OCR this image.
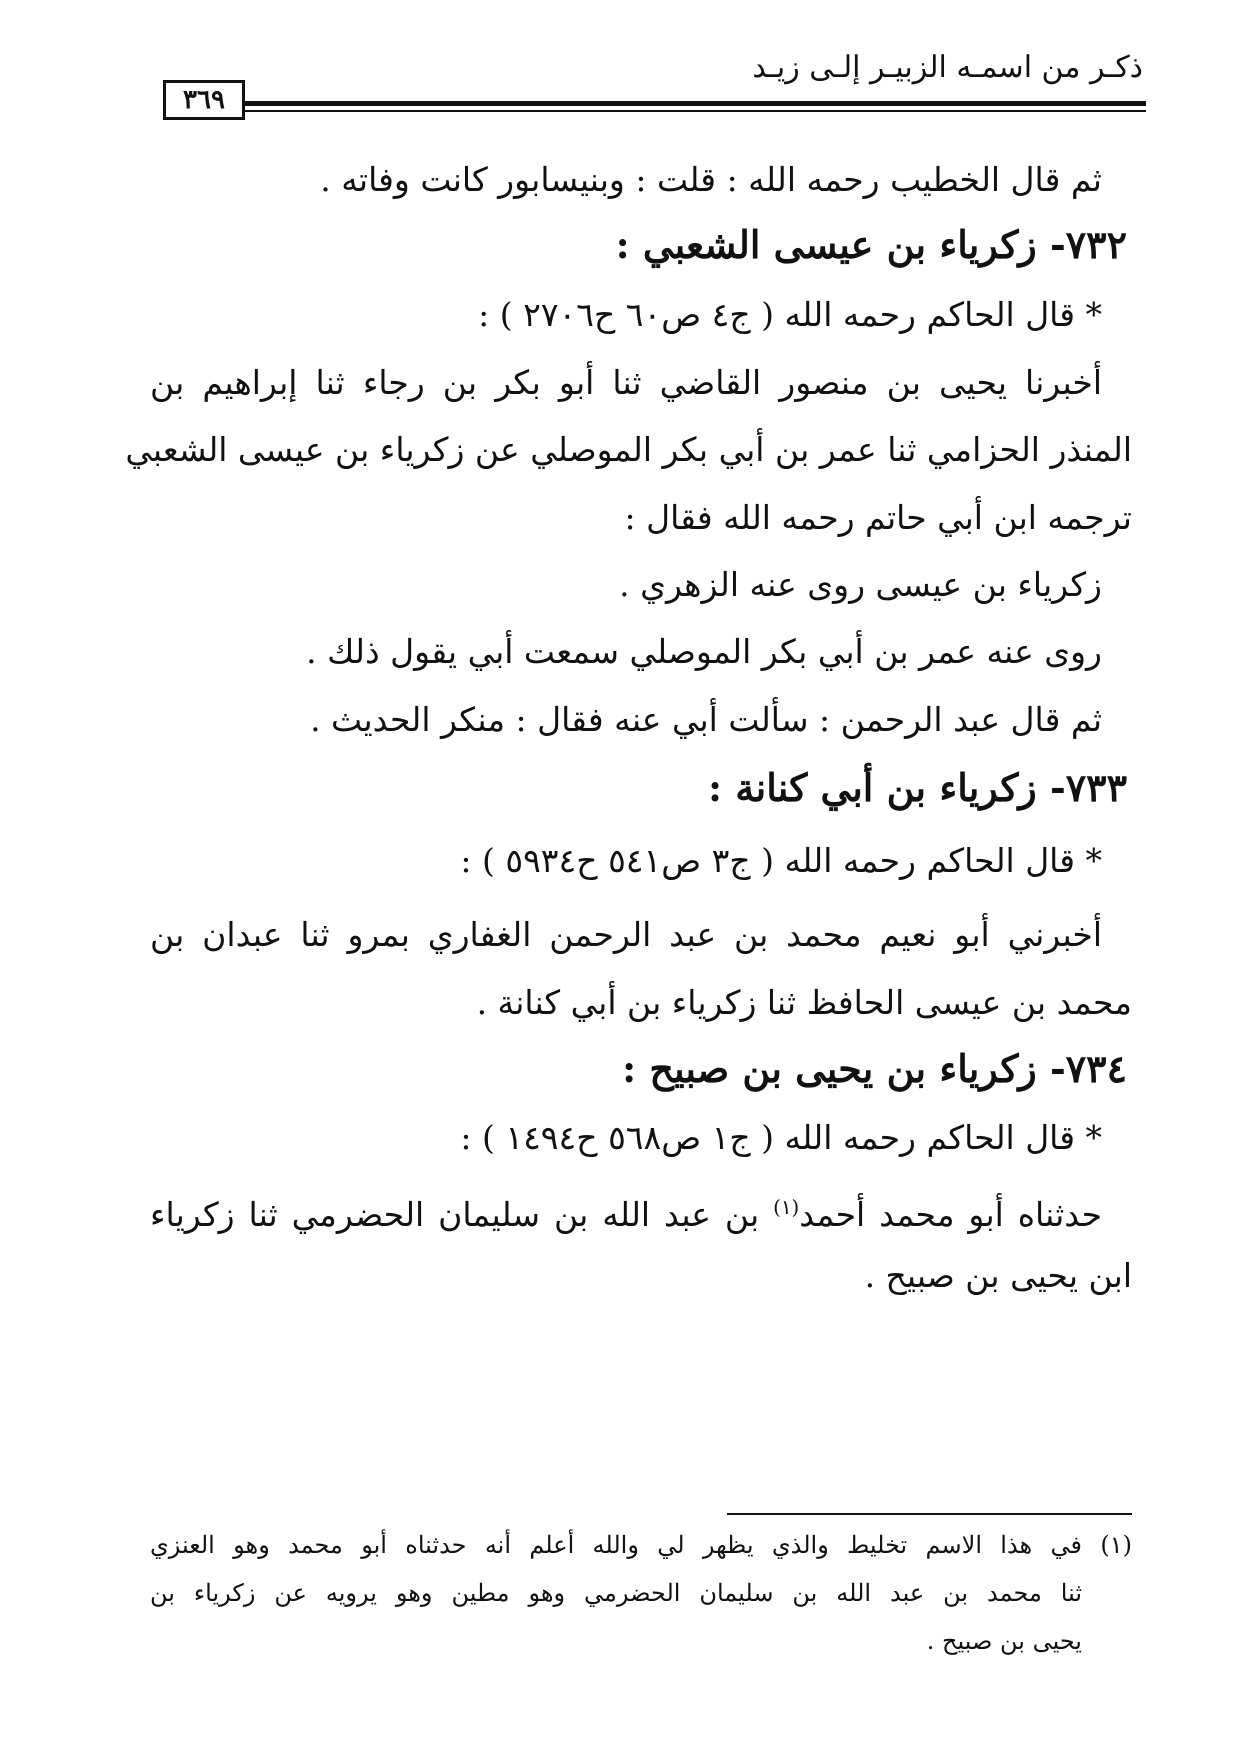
ذكـر من اسمـه الزبيـر إلـى زيـد
٣٦٩
ثم قال الخطيب رحمه الله : قلت : وبنيسابور كانت وفاته .
٧٣٢- زكرياء بن عيسى الشعبي :
* قال الحاكم رحمه الله ( ج٤ ص٦٠ ح٢٧٠٦ ) :
أخبرنا يحيى بن منصور القاضي ثنا أبو بكر بن رجاء ثنا إبراهيم بن
المنذر الحزامي ثنا عمر بن أبي بكر الموصلي عن زكرياء بن عيسى الشعبي
ترجمه ابن أبي حاتم رحمه الله فقال :
زكرياء بن عيسى روى عنه الزهري .
روى عنه عمر بن أبي بكر الموصلي سمعت أبي يقول ذلك .
ثم قال عبد الرحمن : سألت أبي عنه فقال : منكر الحديث .
٧٣٣- زكرياء بن أبي كنانة :
* قال الحاكم رحمه الله ( ج٣ ص٥٤١ ح٥٩٣٤ ) :
أخبرني أبو نعيم محمد بن عبد الرحمن الغفاري بمرو ثنا عبدان بن
محمد بن عيسى الحافظ ثنا زكرياء بن أبي كنانة .
٧٣٤- زكرياء بن يحيى بن صبيح :
* قال الحاكم رحمه الله ( ج١ ص٥٦٨ ح١٤٩٤ ) :
حدثناه أبو محمد أحمد$^{(١)}$ بن عبد الله بن سليمان الحضرمي ثنا زكرياء
ابن يحيى بن صبيح .
(١)
في هذا الاسم تخليط والذي يظهر لي والله أعلم أنه حدثناه أبو محمد وهو العنزي
ثنا محمد بن عبد الله بن سليمان الحضرمي وهو مطين وهو يرويه عن زكرياء بن
يحيى بن صبيح .
